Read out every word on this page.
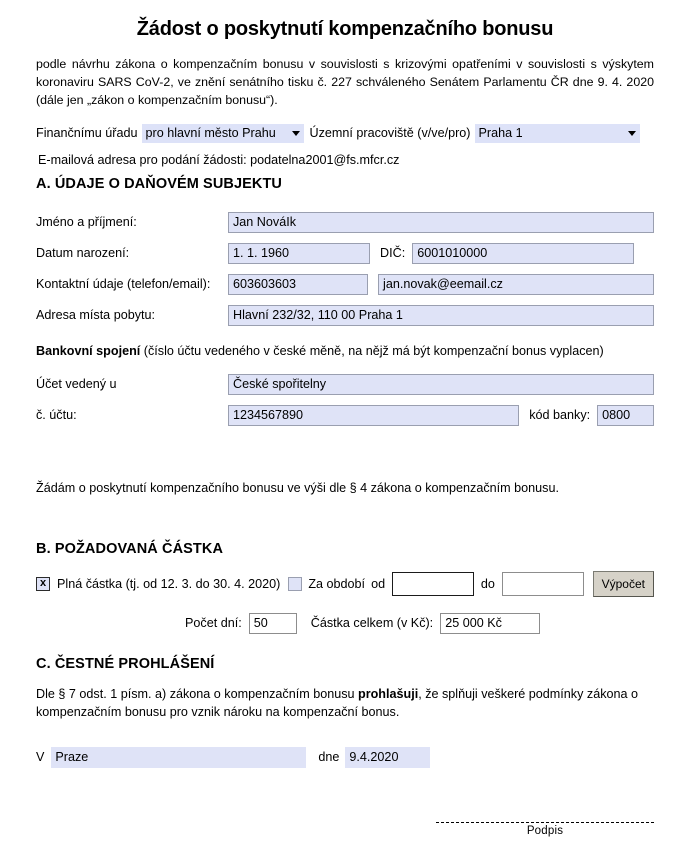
Žádost o poskytnutí kompenzačního bonusu

podle návrhu zákona o kompenzačním bonusu v souvislosti s krizovými opatřeními v souvislosti s výskytem koronaviru SARS CoV-2, ve znění senátního tisku č. 227 schváleného Senátem Parlamentu ČR dne 9. 4. 2020 (dále jen „zákon o kompenzačním bonusu“).

Finančnímu úřadu pro hlavní město Prahu	Územní pracoviště (v/ve/pro) Praha 1
E-mailová adresa pro podání žádosti: podatelna2001@fs.mfcr.cz
A. ÚDAJE O DAŇOVÉM SUBJEKTU
Jméno a příjmení:	Jan NováIk
Datum narození:	1. 1. 1960	DIČ: 6001010000
Kontaktní údaje (telefon/email):	603603603	jan.novak@eemail.cz
Adresa místa pobytu:	Hlavní 232/32, 110 00 Praha 1
Bankovní spojení (číslo účtu vedeného v české měně, na nějž má být kompenzační bonus vyplacen)
Účet vedený u	České spořitelny
č. účtu:	1234567890	kód banky: 0800
Žádám o poskytnutí kompenzačního bonusu ve výši dle § 4 zákona o kompenzačním bonusu.
B. POŽADOVANÁ ČÁSTKA
x Plná částka (tj. od 12. 3. do 30. 4. 2020)	Za období od	do	Výpočet
Počet dní: 50	Částka celkem (v Kč): 25 000 Kč
C. ČESTNÉ PROHLÁŠENÍ
Dle § 7 odst. 1 písm. a) zákona o kompenzačním bonusu prohlašuji, že splňuji veškeré podmínky zákona o kompenzačním bonusu pro vznik nároku na kompenzační bonus.
V Praze	dne 9.4.2020
Podpis
